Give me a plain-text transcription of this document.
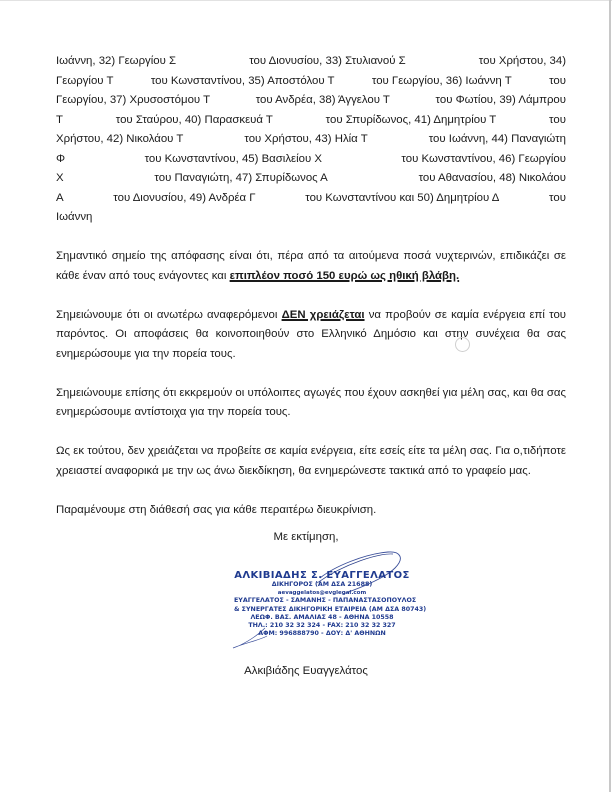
Ιωάννη, 32) Γεωργίου Σ	του Διονυσίου, 33) Στυλιανού Σ	του Χρήστου, 34)
Γεωργίου Τ	του Κωνσταντίνου, 35) Αποστόλου Τ	του Γεωργίου, 36) Ιωάννη Τ	του
Γεωργίου, 37) Χρυσοστόμου Τ	του Ανδρέα, 38) Άγγελου Τ	του Φωτίου, 39) Λάμπρου
Τ	του Σταύρου, 40) Παρασκευά Τ	του Σπυρίδωνος, 41) Δημητρίου Τ	του
Χρήστου, 42) Νικολάου Τ	του Χρήστου, 43) Ηλία Τ	του Ιωάννη, 44) Παναγιώτη
Φ	του Κωνσταντίνου, 45) Βασιλείου Χ	του Κωνσταντίνου, 46) Γεωργίου
Χ	του Παναγιώτη, 47) Σπυρίδωνος Α	του Αθανασίου, 48) Νικολάου
Α	του Διονυσίου, 49) Ανδρέα Γ	του Κωνσταντίνου και 50) Δημητρίου Δ	του
Ιωάννη

Σημαντικό σημείο της απόφασης είναι ότι, πέρα από τα αιτούμενα ποσά νυχτερινών, επιδικάζει σε κάθε έναν από τους ενάγοντες και επιπλέον ποσό 150 ευρώ ως ηθική βλάβη.

Σημειώνουμε ότι οι ανωτέρω αναφερόμενοι ΔΕΝ χρειάζεται να προβούν σε καμία ενέργεια επί του παρόντος. Οι αποφάσεις θα κοινοποιηθούν στο Ελληνικό Δημόσιο και στην συνέχεια θα σας ενημερώσουμε για την πορεία τους.

Σημειώνουμε επίσης ότι εκκρεμούν οι υπόλοιπες αγωγές που έχουν ασκηθεί για μέλη σας, και θα σας ενημερώσουμε αντίστοιχα για την πορεία τους.

Ως εκ τούτου, δεν χρειάζεται να προβείτε σε καμία ενέργεια, είτε εσείς είτε τα μέλη σας. Για ο,τιδήποτε χρειαστεί αναφορικά με την ως άνω διεκδίκηση, θα ενημερώνεστε τακτικά από το γραφείο μας.

Παραμένουμε στη διάθεσή σας για κάθε περαιτέρω διευκρίνιση.

Με εκτίμηση,
ΑΛΚΙΒΙΑΔΗΣ Σ. ΕΥΑΓΓΕΛΑΤΟΣ
ΔΙΚΗΓΟΡΟΣ (ΑΜ ΔΣΑ 21688)
aevaggelatos@evglegal.com
ΕΥΑΓΓΕΛΑΤΟΣ - ΣΑΜΑΝΗΣ - ΠΑΠΑΝΑΣΤΑΣΟΠΟΥΛΟΣ
& ΣΥΝΕΡΓΑΤΕΣ ΔΙΚΗΓΟΡΙΚΗ ΕΤΑΙΡΕΙΑ (ΑΜ ΔΣΑ 80743)
ΛΕΩΦ. ΒΑΣ. ΑΜΑΛΙΑΣ 48 - ΑΘΗΝΑ 10558
ΤΗΛ.: 210 32 32 324 - FAX: 210 32 32 327
ΑΦΜ: 996888790 - ΔΟΥ: Δ' ΑΘΗΝΩΝ
Αλκιβιάδης Ευαγγελάτος
